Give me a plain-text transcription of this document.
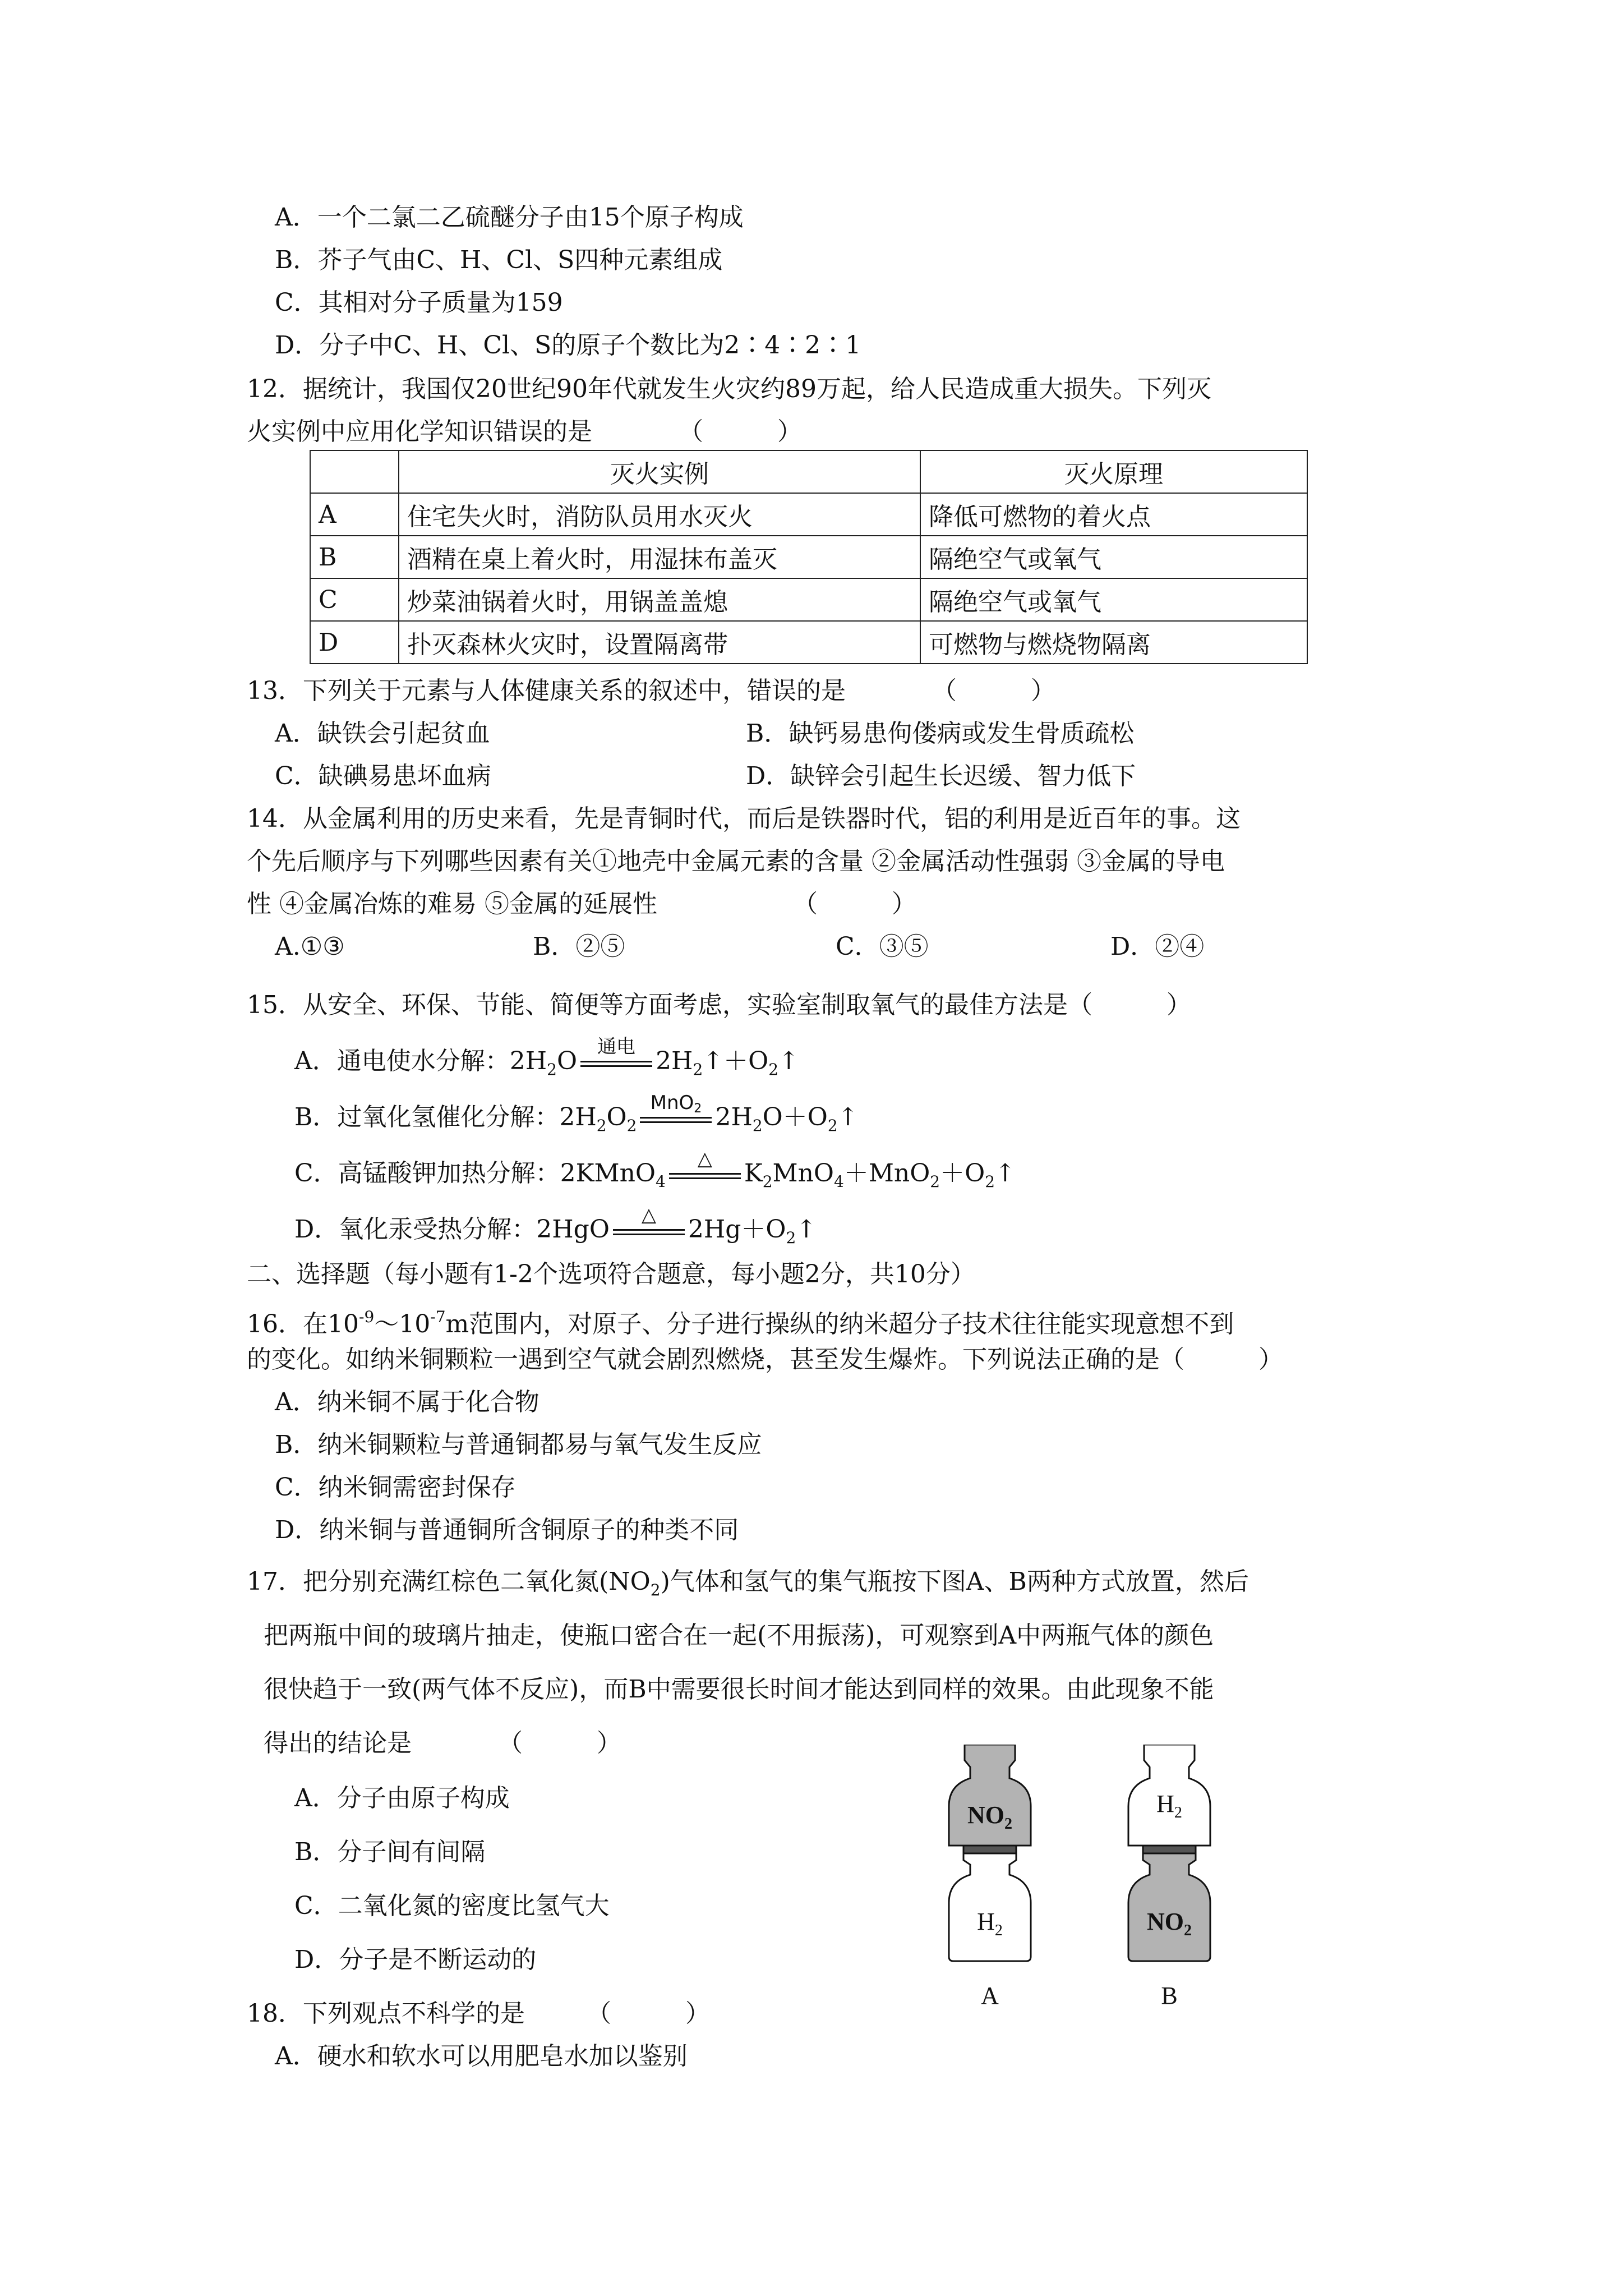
A．一个二氯二乙硫醚分子由15个原子构成
B．芥子气由C、H、Cl、S四种元素组成
C．其相对分子质量为159
D．分子中C、H、Cl、S的原子个数比为2∶4∶2∶1
12．据统计，我国仅20世纪90年代就发生火灾约89万起，给人民造成重大损失。下列灭
火实例中应用化学知识错误的是　　　　（　　　）
	灭火实例	灭火原理
A	住宅失火时，消防队员用水灭火	降低可燃物的着火点
B	酒精在桌上着火时，用湿抹布盖灭	隔绝空气或氧气
C	炒菜油锅着火时，用锅盖盖熄	隔绝空气或氧气
D	扑灭森林火灾时，设置隔离带	可燃物与燃烧物隔离
13．下列关于元素与人体健康关系的叙述中，错误的是　　　　（　　　）
A．缺铁会引起贫血	B．缺钙易患佝偻病或发生骨质疏松
C．缺碘易患坏血病	D．缺锌会引起生长迟缓、智力低下
14．从金属利用的历史来看，先是青铜时代，而后是铁器时代，铝的利用是近百年的事。这
个先后顺序与下列哪些因素有关①地壳中金属元素的含量 ②金属活动性强弱 ③金属的导电
性 ④金属冶炼的难易 ⑤金属的延展性　　　　　　（　　　）
A.①③	B．②⑤	C．③⑤	D．②④
15．从安全、环保、节能、简便等方面考虑，实验室制取氧气的最佳方法是（　　　）
A．通电使水分解：$2H_2O$
通电
$2H_2↑+O_2↑$
B．过氧化氢催化分解：$2H_2O_2$
MnO2 $2H_2O+O_2↑$
C．高锰酸钾加热分解：2KMnO$_4$
△
$K_2MnO_4+MnO_2+O_2↑$
D．氧化汞受热分解：2HgO
△
$2Hg+O_2↑$
二、选择题（每小题有1-2个选项符合题意，每小题2分，共10分）
16．在$10^{-9}\sim 10^{-7}m$范围内，对原子、分子进行操纵的纳米超分子技术往往能实现意想不到
的变化。如纳米铜颗粒一遇到空气就会剧烈燃烧，甚至发生爆炸。下列说法正确的是（　　　）
A．纳米铜不属于化合物
B．纳米铜颗粒与普通铜都易与氧气发生反应
C．纳米铜需密封保存
D．纳米铜与普通铜所含铜原子的种类不同
17．把分别充满红棕色二氧化氮$(NO_2)$气体和氢气的集气瓶按下图A、B两种方式放置，然后
把两瓶中间的玻璃片抽走，使瓶口密合在一起(不用振荡)，可观察到A中两瓶气体的颜色
很快趋于一致(两气体不反应)，而B中需要很长时间才能达到同样的效果。由此现象不能
得出的结论是　　　　（　　　）
A．分子由原子构成
B．分子间有间隔
C．二氧化氮的密度比氢气大
D．分子是不断运动的
$NO_2$
$H_2$
$H_2$
$NO_2$
A	B
18．下列观点不科学的是　　　（　　　）
A．硬水和软水可以用肥皂水加以鉴别
